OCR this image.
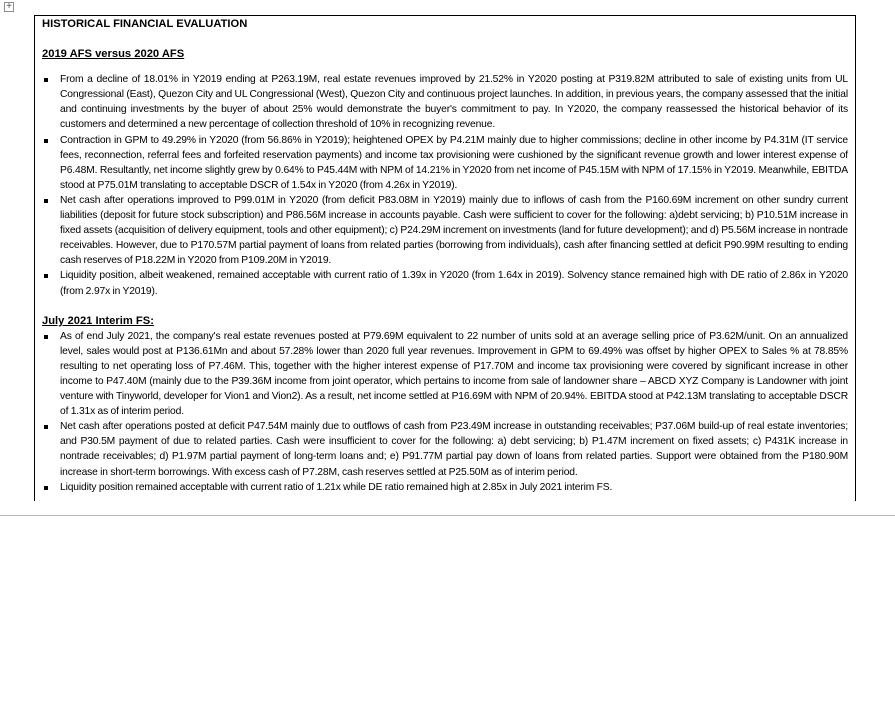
+

HISTORICAL FINANCIAL EVALUATION

2019 AFS versus 2020 AFS

From a decline of 18.01% in Y2019 ending at P263.19M, real estate revenues improved by 21.52% in Y2020 posting at P319.82M attributed to sale of existing units from UL Congressional (East), Quezon City and UL Congressional (West), Quezon City and continuous project launches. In addition, in previous years, the company assessed that the initial and continuing investments by the buyer of about 25% would demonstrate the buyer's commitment to pay. In Y2020, the company reassessed the historical behavior of its customers and determined a new percentage of collection threshold of 10% in recognizing revenue.
Contraction in GPM to 49.29% in Y2020 (from 56.86% in Y2019); heightened OPEX by P4.21M mainly due to higher commissions; decline in other income by P4.31M (IT service fees, reconnection, referral fees and forfeited reservation payments) and income tax provisioning were cushioned by the significant revenue growth and lower interest expense of P6.48M. Resultantly, net income slightly grew by 0.64% to P45.44M with NPM of 14.21% in Y2020 from net income of P45.15M with NPM of 17.15% in Y2019. Meanwhile, EBITDA stood at P75.01M translating to acceptable DSCR of 1.54x in Y2020 (from 4.26x in Y2019).
Net cash after operations improved to P99.01M in Y2020 (from deficit P83.08M in Y2019) mainly due to inflows of cash from the P160.69M increment on other sundry current liabilities (deposit for future stock subscription) and P86.56M increase in accounts payable. Cash were sufficient to cover for the following: a)debt servicing; b) P10.51M increase in fixed assets (acquisition of delivery equipment, tools and other equipment); c) P24.29M increment on investments (land for future development); and d) P5.56M increase in nontrade receivables. However, due to P170.57M partial payment of loans from related parties (borrowing from individuals), cash after financing settled at deficit P90.99M resulting to ending cash reserves of P18.22M in Y2020 from P109.20M in Y2019.
Liquidity position, albeit weakened, remained acceptable with current ratio of 1.39x in Y2020 (from 1.64x in 2019). Solvency stance remained high with DE ratio of 2.86x in Y2020 (from 2.97x in Y2019).

July 2021 Interim FS:

As of end July 2021, the company's real estate revenues posted at P79.69M equivalent to 22 number of units sold at an average selling price of P3.62M/unit. On an annualized level, sales would post at P136.61Mn and about 57.28% lower than 2020 full year revenues. Improvement in GPM to 69.49% was offset by higher OPEX to Sales % at 78.85% resulting to net operating loss of P7.46M. This, together with the higher interest expense of P17.70M and income tax provisioning were covered by significant increase in other income to P47.40M (mainly due to the P39.36M income from joint operator, which pertains to income from sale of landowner share – ABCD XYZ Company is Landowner with joint venture with Tinyworld, developer for Vion1 and Vion2). As a result, net income settled at P16.69M with NPM of 20.94%. EBITDA stood at P42.13M translating to acceptable DSCR of 1.31x as of interim period.
Net cash after operations posted at deficit P47.54M mainly due to outflows of cash from P23.49M increase in outstanding receivables; P37.06M build-up of real estate inventories; and P30.5M payment of due to related parties. Cash were insufficient to cover for the following: a) debt servicing; b) P1.47M increment on fixed assets; c) P431K increase in nontrade receivables; d) P1.97M partial payment of long-term loans and; e) P91.77M partial pay down of loans from related parties. Support were obtained from the P180.90M increase in short-term borrowings. With excess cash of P7.28M, cash reserves settled at P25.50M as of interim period.
Liquidity position remained acceptable with current ratio of 1.21x while DE ratio remained high at 2.85x in July 2021 interim FS.
